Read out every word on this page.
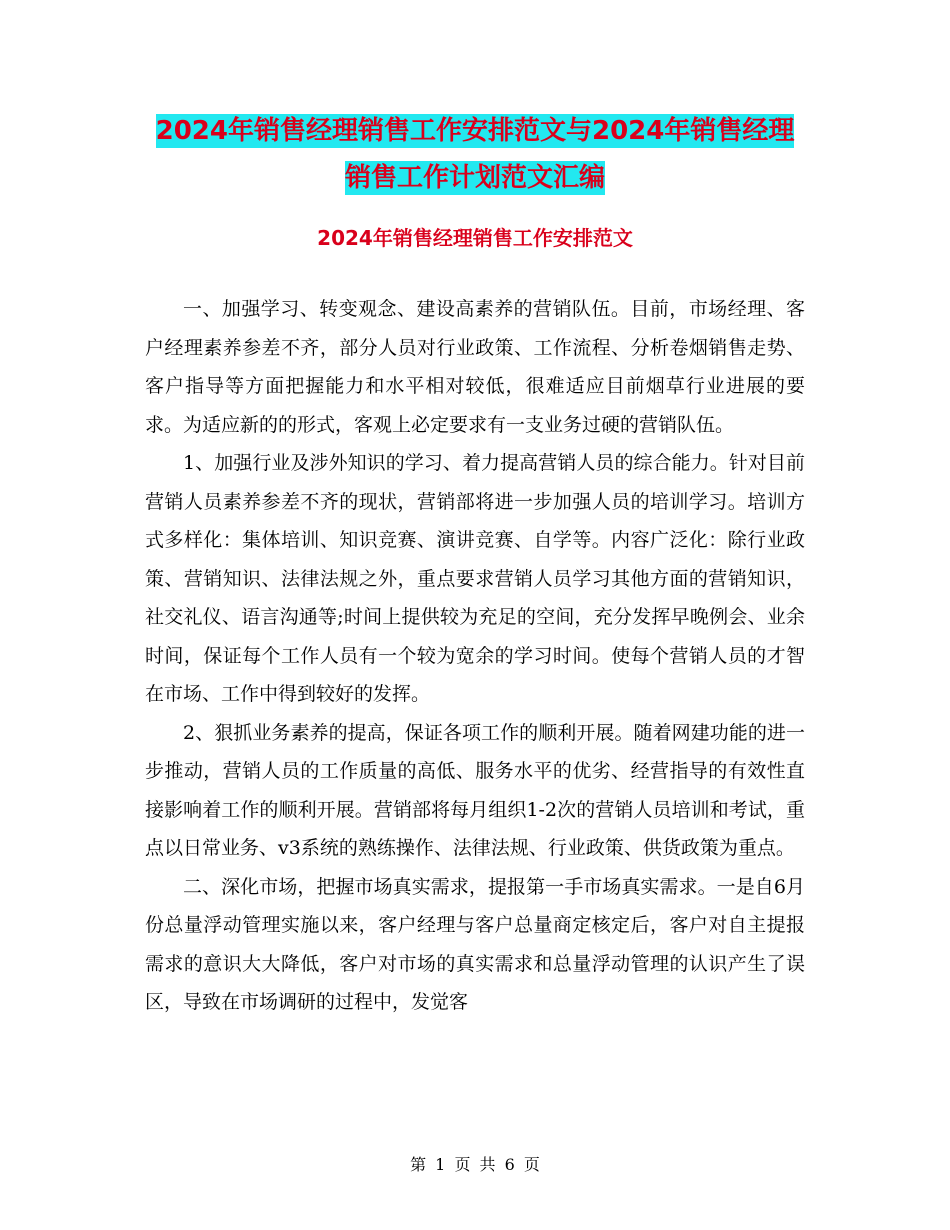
2024年销售经理销售工作安排范文与2024年销售经理
销售工作计划范文汇编
2024年销售经理销售工作安排范文

一、加强学习、转变观念、建设高素养的营销队伍。目前，市场经理、客户经理素养参差不齐，部分人员对行业政策、工作流程、分析卷烟销售走势、客户指导等方面把握能力和水平相对较低，很难适应目前烟草行业进展的要求。为适应新的的形式，客观上必定要求有一支业务过硬的营销队伍。

1、加强行业及涉外知识的学习、着力提高营销人员的综合能力。针对目前营销人员素养参差不齐的现状，营销部将进一步加强人员的培训学习。培训方式多样化：集体培训、知识竞赛、演讲竞赛、自学等。内容广泛化：除行业政策、营销知识、法律法规之外，重点要求营销人员学习其他方面的营销知识，社交礼仪、语言沟通等;时间上提供较为充足的空间，充分发挥早晚例会、业余时间，保证每个工作人员有一个较为宽余的学习时间。使每个营销人员的才智在市场、工作中得到较好的发挥。

2、狠抓业务素养的提高，保证各项工作的顺利开展。随着网建功能的进一步推动，营销人员的工作质量的高低、服务水平的优劣、经营指导的有效性直接影响着工作的顺利开展。营销部将每月组织1-2次的营销人员培训和考试，重点以日常业务、v3系统的熟练操作、法律法规、行业政策、供货政策为重点。

二、深化市场，把握市场真实需求，提报第一手市场真实需求。一是自6月份总量浮动管理实施以来，客户经理与客户总量商定核定后，客户对自主提报需求的意识大大降低，客户对市场的真实需求和总量浮动管理的认识产生了误区，导致在市场调研的过程中，发觉客

第 1 页 共 6 页
